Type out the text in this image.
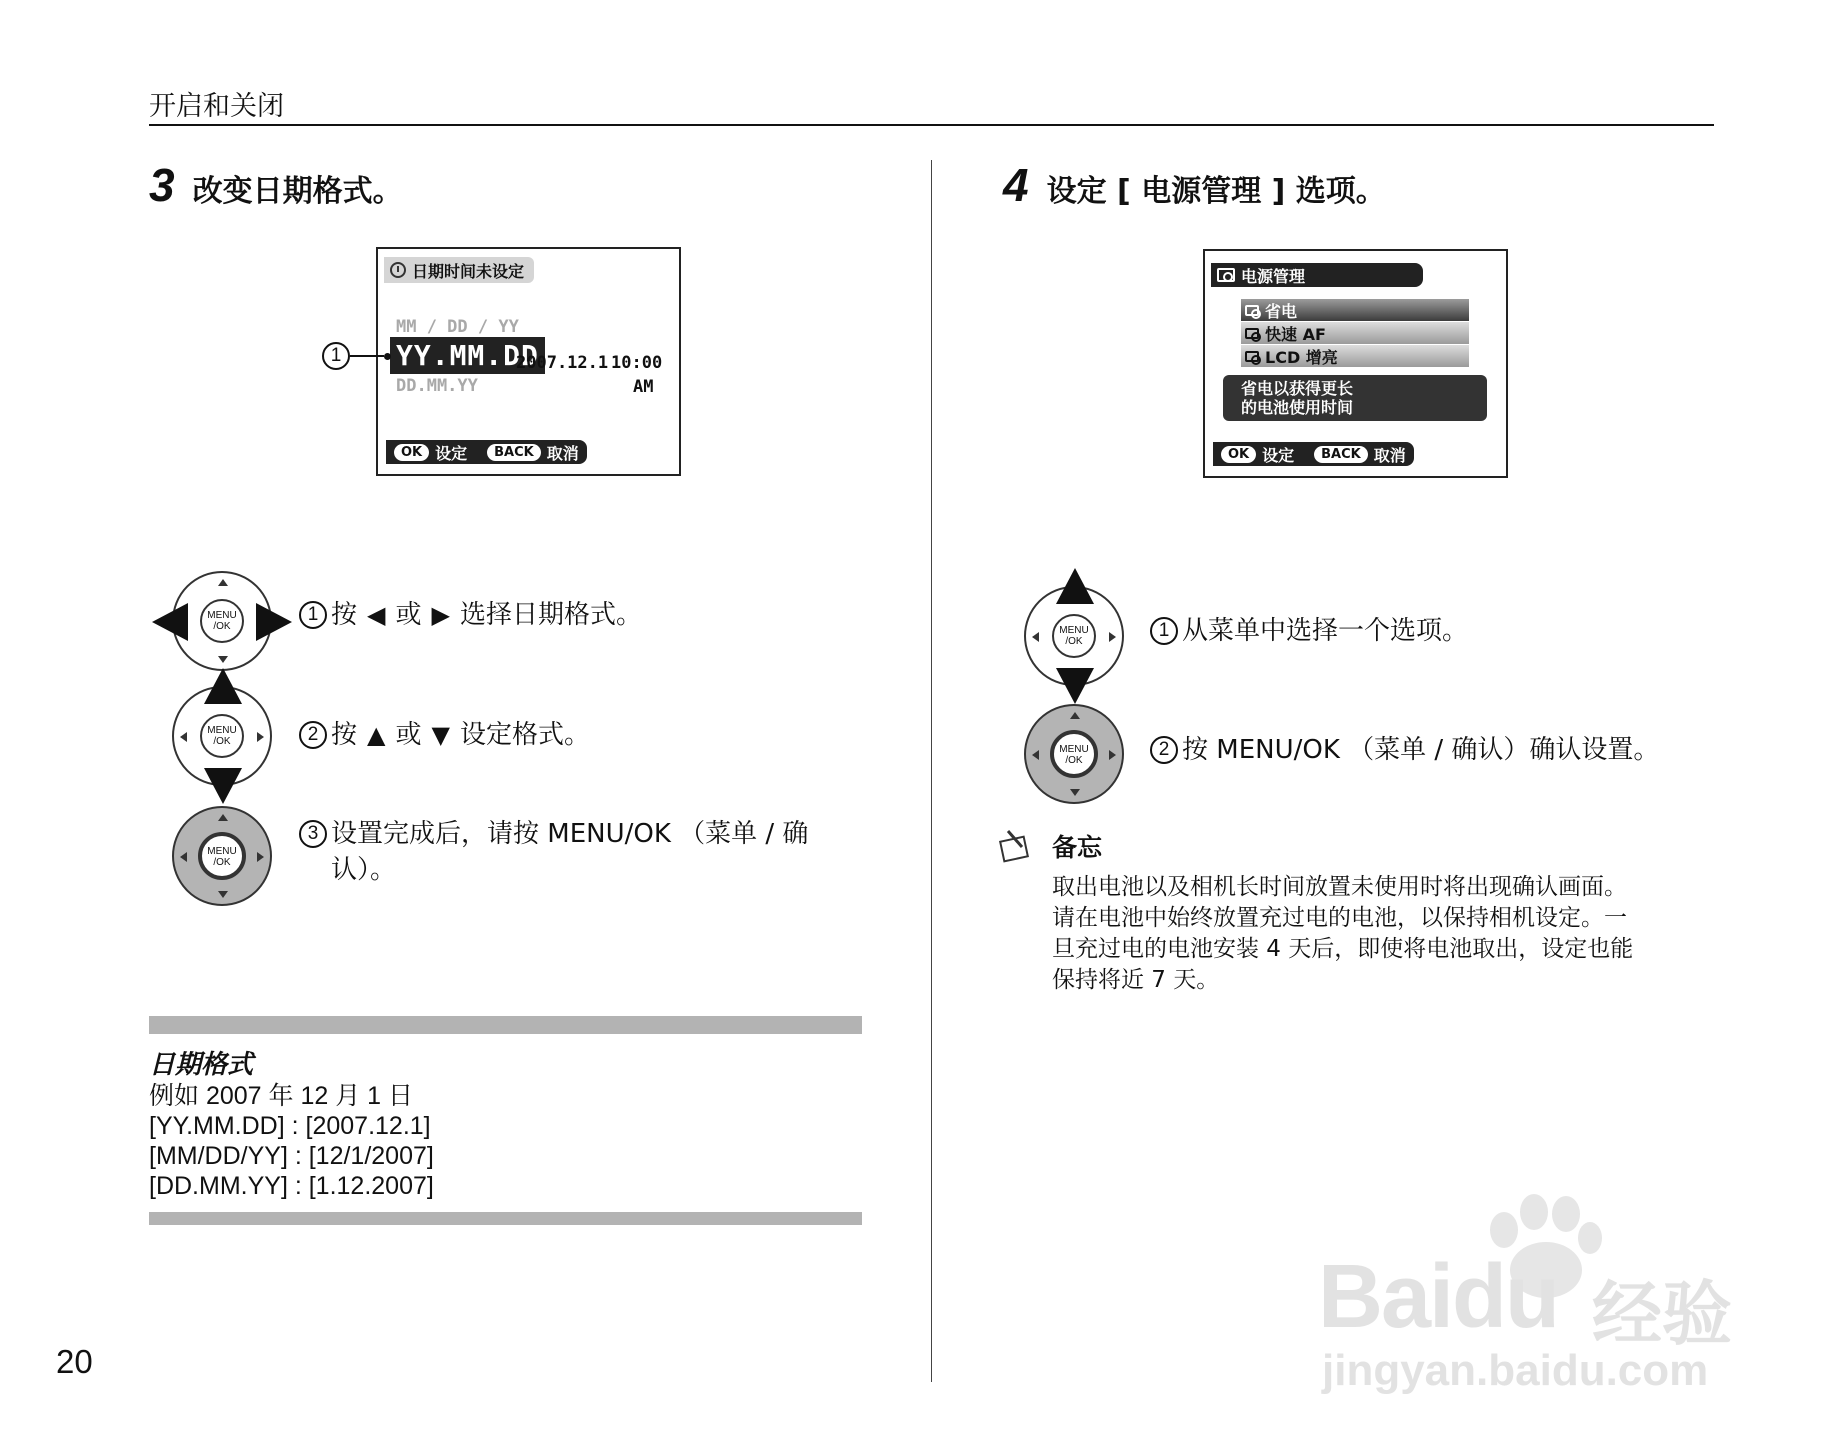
开启和关闭
20
3 改变日期格式。
日期时间未设定
MM / DD / YY
YY.MM.DD
DD.MM.YY
2007.12.1 10:00
AM
OK 设定	BACK 取消
1
MENU
/OK
1 按 ◀ 或 ▶ 选择日期格式。
MENU
/OK	2 按 ▲ 或 ▼ 设定格式。
MENU
/OK
3 设置完成后，请按 MENU/OK （菜单 / 确
认）。
日期格式
例如 2007 年 12 月 1 日
[YY.MM.DD] : [2007.12.1]
[MM/DD/YY] : [12/1/2007]
[DD.MM.YY] : [1.12.2007]
4 设定 [ 电源管理 ] 选项。
电源管理
省电
快速 AF
LCD 增亮
省电以获得更长
的电池使用时间
OK 设定	BACK 取消
MENU
/OK
1 从菜单中选择一个选项。
MENU
/OK
2 按 MENU/OK （菜单 / 确认）确认设置。
备忘
取出电池以及相机长时间放置未使用时将出现确认画面。
请在电池中始终放置充过电的电池，以保持相机设定。一
旦充过电的电池安装 4 天后，即使将电池取出，设定也能
保持将近 7 天。
Baidu 经验
jingyan.baidu.com
